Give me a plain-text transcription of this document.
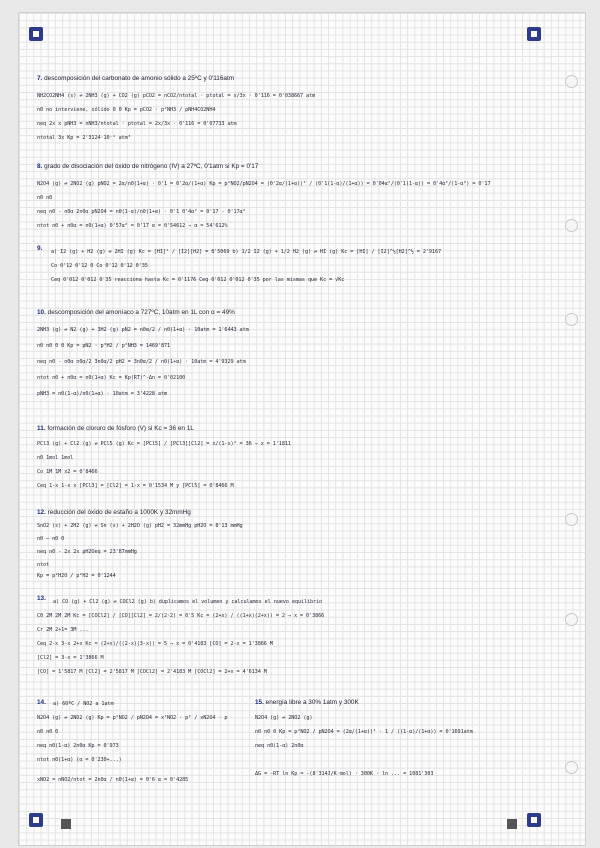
7. descomposición del carbonato de amonio sólido a 25ºC y 0'116atm
NH2CO2NH4 (s) ⇌ 2NH3 (g) + CO2 (g) pCO2 = nCO2/ntotal · ptotal = x/3x · 0'116 = 0'038667 atm
n0 no interviene, sólido 0 0 Kp = pCO2 · p²NH3 / pNH4CO2NH4
neq 2x x pNH3 = nNH3/ntotal · ptotal = 2x/3x · 0'116 = 0'07733 atm
ntotal 3x Kp = 2'3124·10⁻⁴ atm³
8. grado de disociación del óxido de nitrógeno (IV) a 27ºC, 0'1atm si Kp = 0'17
N2O4 (g) ⇌ 2NO2 (g) pNO2 = 2α/n0(1+α) · 0'1 = 0'2α/(1+α) Kp = p²NO2/pN2O4 = (0'2α/(1+α))² / (0'1(1-α)/(1+α)) = 0'04α²/(0'1(1-α)) = 0'4α²/(1-α²) = 0'17
n0 n0
neq n0 - n0α 2n0α pN2O4 = n0(1-α)/n0(1+α) · 0'1 0'4α² = 0'17 - 0'17α²
ntot n0 + n0α = n0(1+α) 0'57α² = 0'17 α = 0'54612 → α = 54'612%
9. a) I2 (g) + H2 (g) ⇌ 2HI (g) Kc = [HI]² / [I2][H2] = 8'5069 b) 1/2 I2 (g) + 1/2 H2 (g) ⇌ HI (g) Kc = [HI] / [I2]^½[H2]^½ = 2'9167
Co 0'12 0'12 0 Co 0'12 0'12 0'35
Ceq 0'012 0'012 0'35 reacciona hasta Kc = 0'1176 Ceq 0'012 0'012 0'35 por las mismas que Kc = √Kc
10. descomposición del amoníaco a 727ºC, 10atm en 1L con α = 49%
2NH3 (g) ⇌ N2 (g) + 3H2 (g) pN2 = n0α/2 / n0(1+α) · 10atm = 1'6443 atm
n0 n0 0 0 Kp = pN2 · p³H2 / p²NH3 = 1469'871
neq n0 - n0α n0α/2 3n0α/2 pH2 = 3n0α/2 / n0(1+α) · 10atm = 4'9329 atm
ntot n0 + n0α = n0(1+α) Kc = Kp(RT)^-Δn = 0'02100
pNH3 = n0(1-α)/n0(1+α) · 10atm = 3'4228 atm
11. formación de cloruro de fósforo (V) si Kc = 36 en 1L
PCl3 (g) + Cl2 (g) ⇌ PCl5 (g) Kc = [PCl5] / [PCl3][Cl2] = x/(1-x)² = 36 → x = 1'1811
n0 1mol 1mol
Co 1M 1M x2 = 0'8466
Ceq 1-x 1-x x [PCl3] = [Cl2] = 1-x = 0'1534 M y [PCl5] = 0'8466 M
12. reducción del óxido de estaño a 1000K y 32mmHg
SnO2 (s) + 2H2 (g) ⇌ Sn (s) + 2H2O (g) pH2 = 32mmHg pH2O = 8'13 mmHg
n0 — n0 0
neq n0 - 2x 2x pH2Oeq = 23'87mmHg
ntot
Kp = p²H2O / p²H2 = 0'1244
13. a) CO (g) + Cl2 (g) ⇌ COCl2 (g) b) duplicamos el volumen y calculamos el nuevo equilibrio
C0 2M 2M 2M Kc = [COCl2] / [CO][Cl2] = 2/(2·2) = 0'5 Kc = (2+x) / ((1+x)(2+x)) = 2 → x = 0'3866
Cr 2M 2+1= 3M ...
Ceq 2-x 3-x 2+x Kc = (2+x)/((2-x)(3-x)) = 5 → x = 0'4183 [CO] = 2-x = 1'3866 M
[Cl2] = 3-x = 1'3866 M
[CO] = 1'5817 M [Cl2] = 2'5817 M [COCl2] = 2'4183 M [COCl2] = 2+x = 4'6134 M
14. a) 60ºC / NO2 a 1atm
N2O4 (g) ⇌ 2NO2 (g) Kp = p²NO2 / pN2O4 = x²NO2 · p² / xN2O4 · p
n0 n0 0
neq n0(1-α) 2n0α Kp = 0'973
ntot n0(1+α) (α = 0'230+...)
xNO2 = nNO2/ntot = 2n0α / n0(1+α) = 0'6 α = 0'4285
15. energía libre a 30% 1atm y 300K
N2O4 (g) ⇌ 2NO2 (g)
n0 n0 0 Kp = p²NO2 / pN2O4 = (2α/(1+α))² · 1 / ((1-α)/(1+α)) = 0'1691atm
neq n0(1-α) 2n0α
ΔG = -RT ln Kp = -(8'314J/K·mol) · 300K · ln ... = 1081'303
